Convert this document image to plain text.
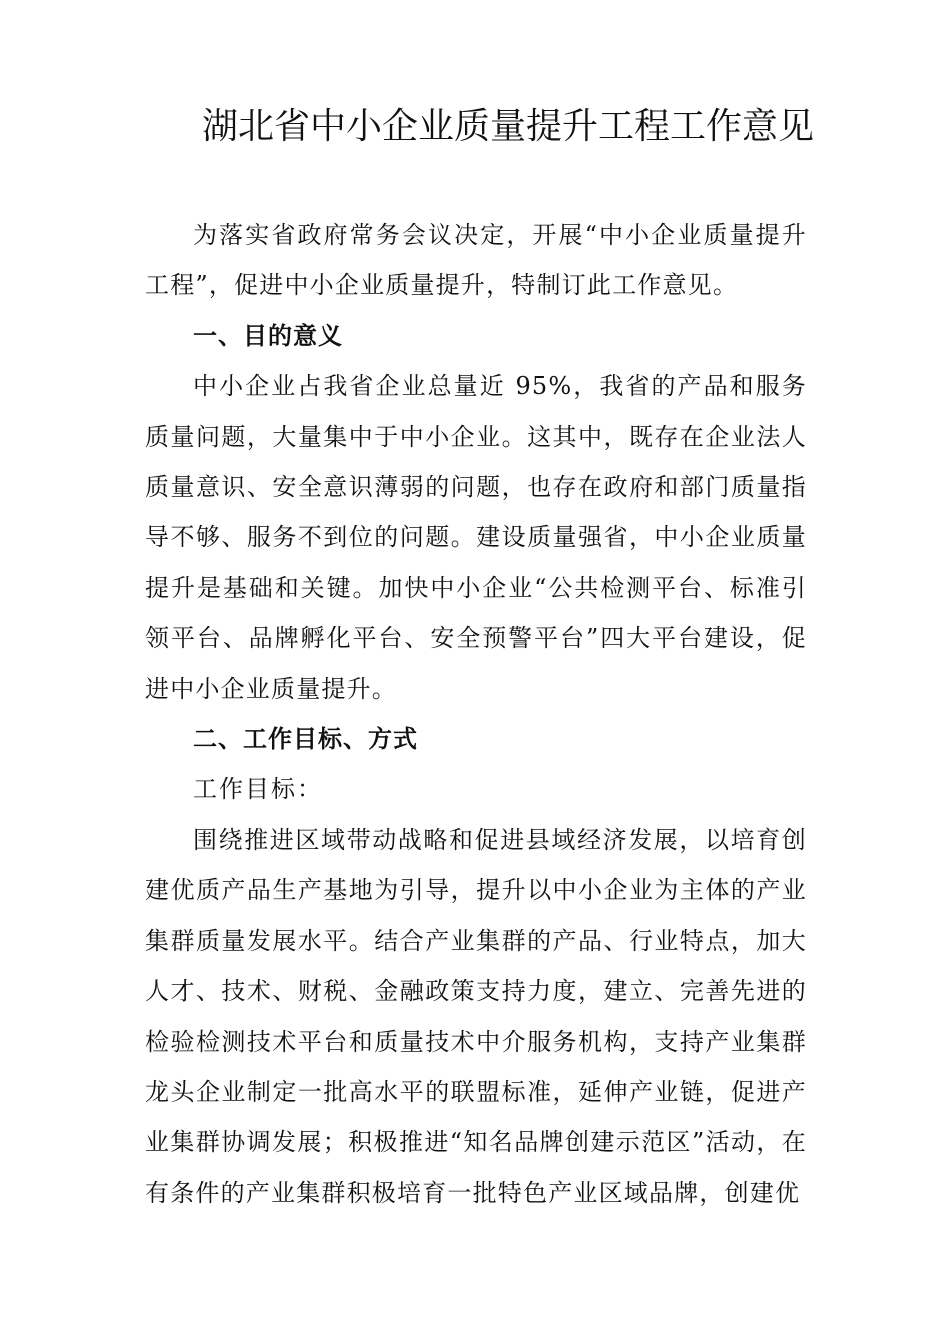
湖北省中小企业质量提升工程工作意见

为落实省政府常务会议决定，开展“中小企业质量提升工程”，促进中小企业质量提升，特制订此工作意见。

一、目的意义

中小企业占我省企业总量近 95%，我省的产品和服务质量问题，大量集中于中小企业。这其中，既存在企业法人质量意识、安全意识薄弱的问题，也存在政府和部门质量指导不够、服务不到位的问题。建设质量强省，中小企业质量提升是基础和关键。加快中小企业“公共检测平台、标准引领平台、品牌孵化平台、安全预警平台”四大平台建设，促进中小企业质量提升。

二、工作目标、方式

工作目标：

围绕推进区域带动战略和促进县域经济发展，以培育创建优质产品生产基地为引导，提升以中小企业为主体的产业集群质量发展水平。结合产业集群的产品、行业特点，加大人才、技术、财税、金融政策支持力度，建立、完善先进的检验检测技术平台和质量技术中介服务机构，支持产业集群龙头企业制定一批高水平的联盟标准，延伸产业链，促进产业集群协调发展；积极推进“知名品牌创建示范区”活动，在有条件的产业集群积极培育一批特色产业区域品牌，创建优
